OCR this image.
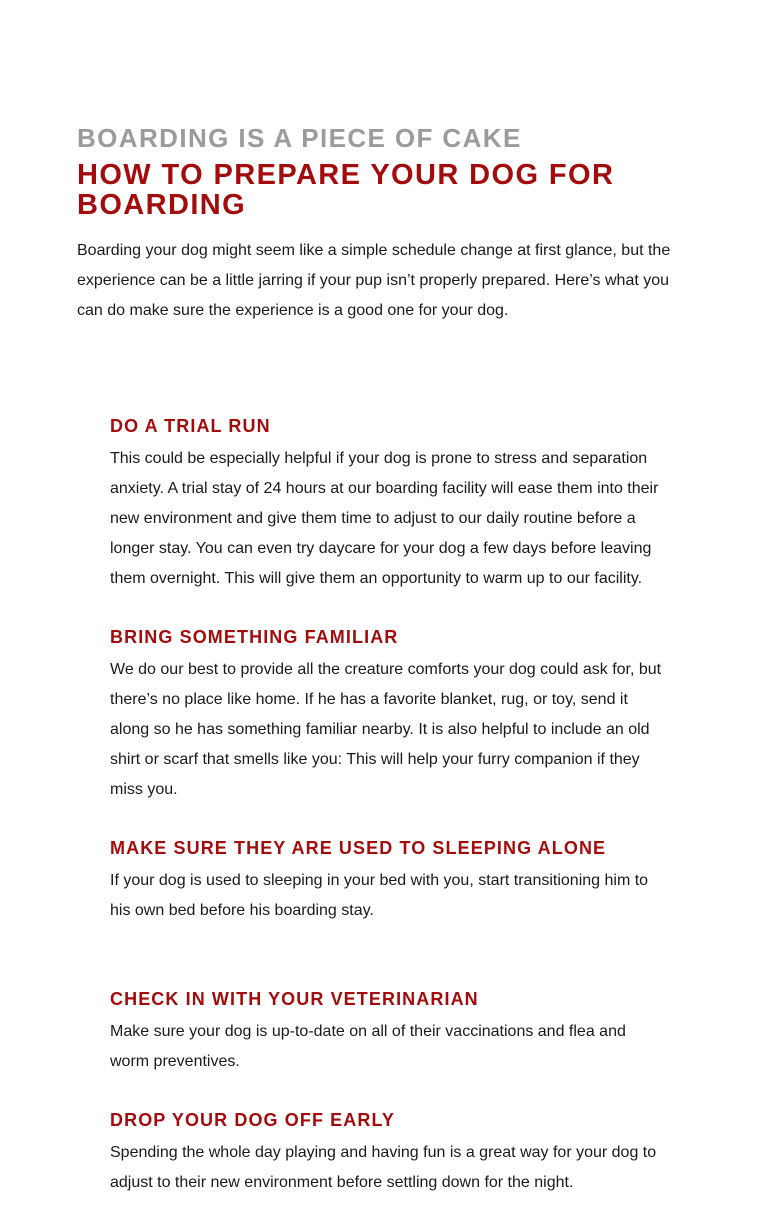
BOARDING IS A PIECE OF CAKE
HOW TO PREPARE YOUR DOG FOR BOARDING

Boarding your dog might seem like a simple schedule change at first glance, but the experience can be a little jarring if your pup isn’t properly prepared. Here’s what you can do make sure the experience is a good one for your dog.

DO A TRIAL RUN

This could be especially helpful if your dog is prone to stress and separation anxiety. A trial stay of 24 hours at our boarding facility will ease them into their new environment and give them time to adjust to our daily routine before a longer stay. You can even try daycare for your dog a few days before leaving them overnight. This will give them an opportunity to warm up to our facility.

BRING SOMETHING FAMILIAR

We do our best to provide all the creature comforts your dog could ask for, but there’s no place like home. If he has a favorite blanket, rug, or toy, send it along so he has something familiar nearby. It is also helpful to include an old shirt or scarf that smells like you: This will help your furry companion if they miss you.

MAKE SURE THEY ARE USED TO SLEEPING ALONE

If your dog is used to sleeping in your bed with you, start transitioning him to his own bed before his boarding stay.

CHECK IN WITH YOUR VETERINARIAN

Make sure your dog is up-to-date on all of their vaccinations and flea and worm preventives.

DROP YOUR DOG OFF EARLY

Spending the whole day playing and having fun is a great way for your dog to adjust to their new environment before settling down for the night.
